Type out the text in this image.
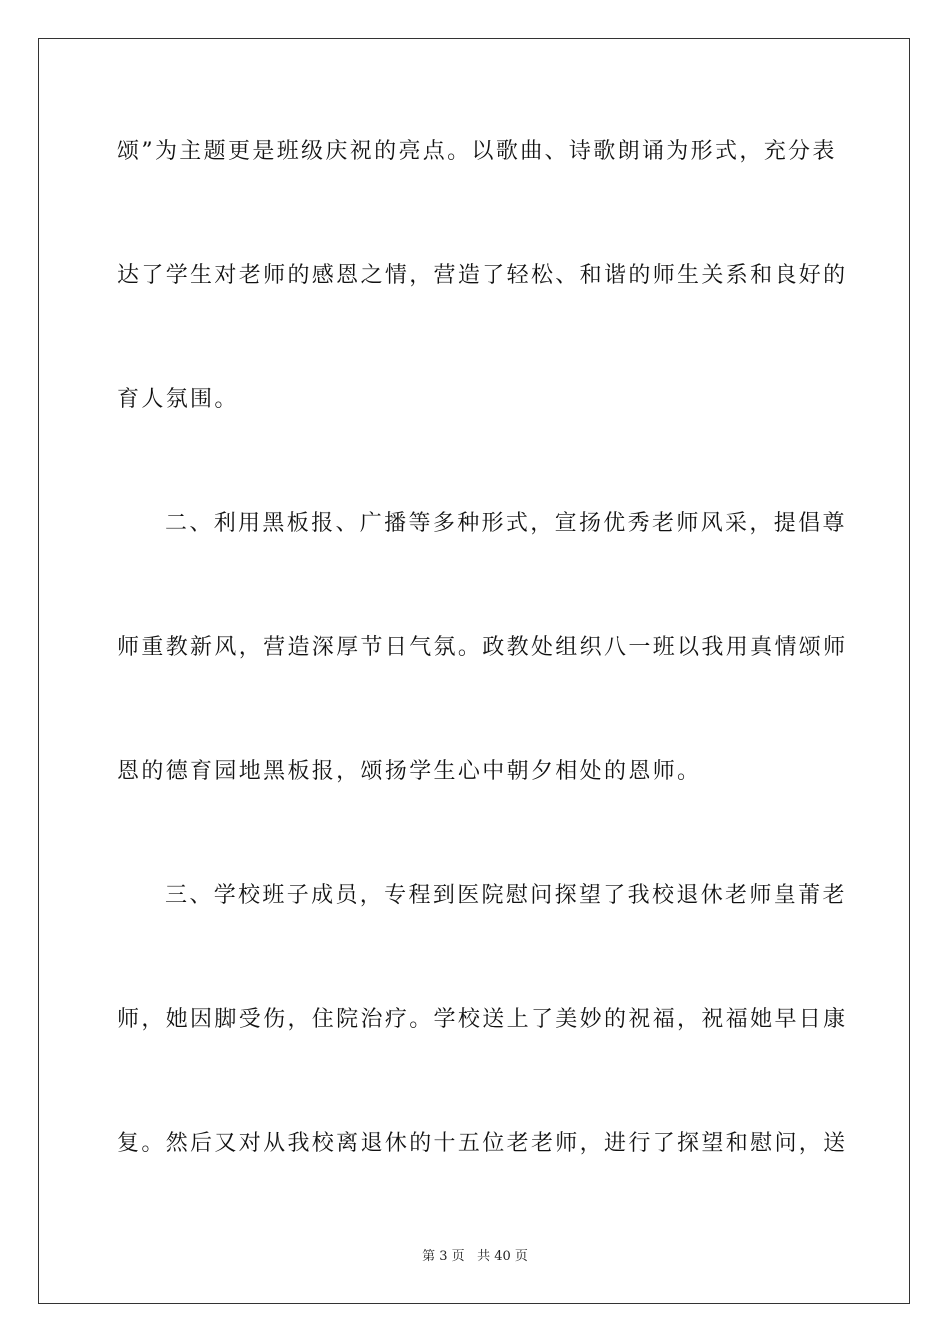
颂”为主题更是班级庆祝的亮点。以歌曲、诗歌朗诵为形式，充分表
达了学生对老师的感恩之情，营造了轻松、和谐的师生关系和良好的
育人氛围。
二、利用黑板报、广播等多种形式，宣扬优秀老师风采，提倡尊
师重教新风，营造深厚节日气氛。政教处组织八一班以我用真情颂师
恩的德育园地黑板报，颂扬学生心中朝夕相处的恩师。
三、学校班子成员，专程到医院慰问探望了我校退休老师皇莆老
师，她因脚受伤，住院治疗。学校送上了美妙的祝福，祝福她早日康
复。然后又对从我校离退休的十五位老老师，进行了探望和慰问，送
第 3 页 共 40 页
